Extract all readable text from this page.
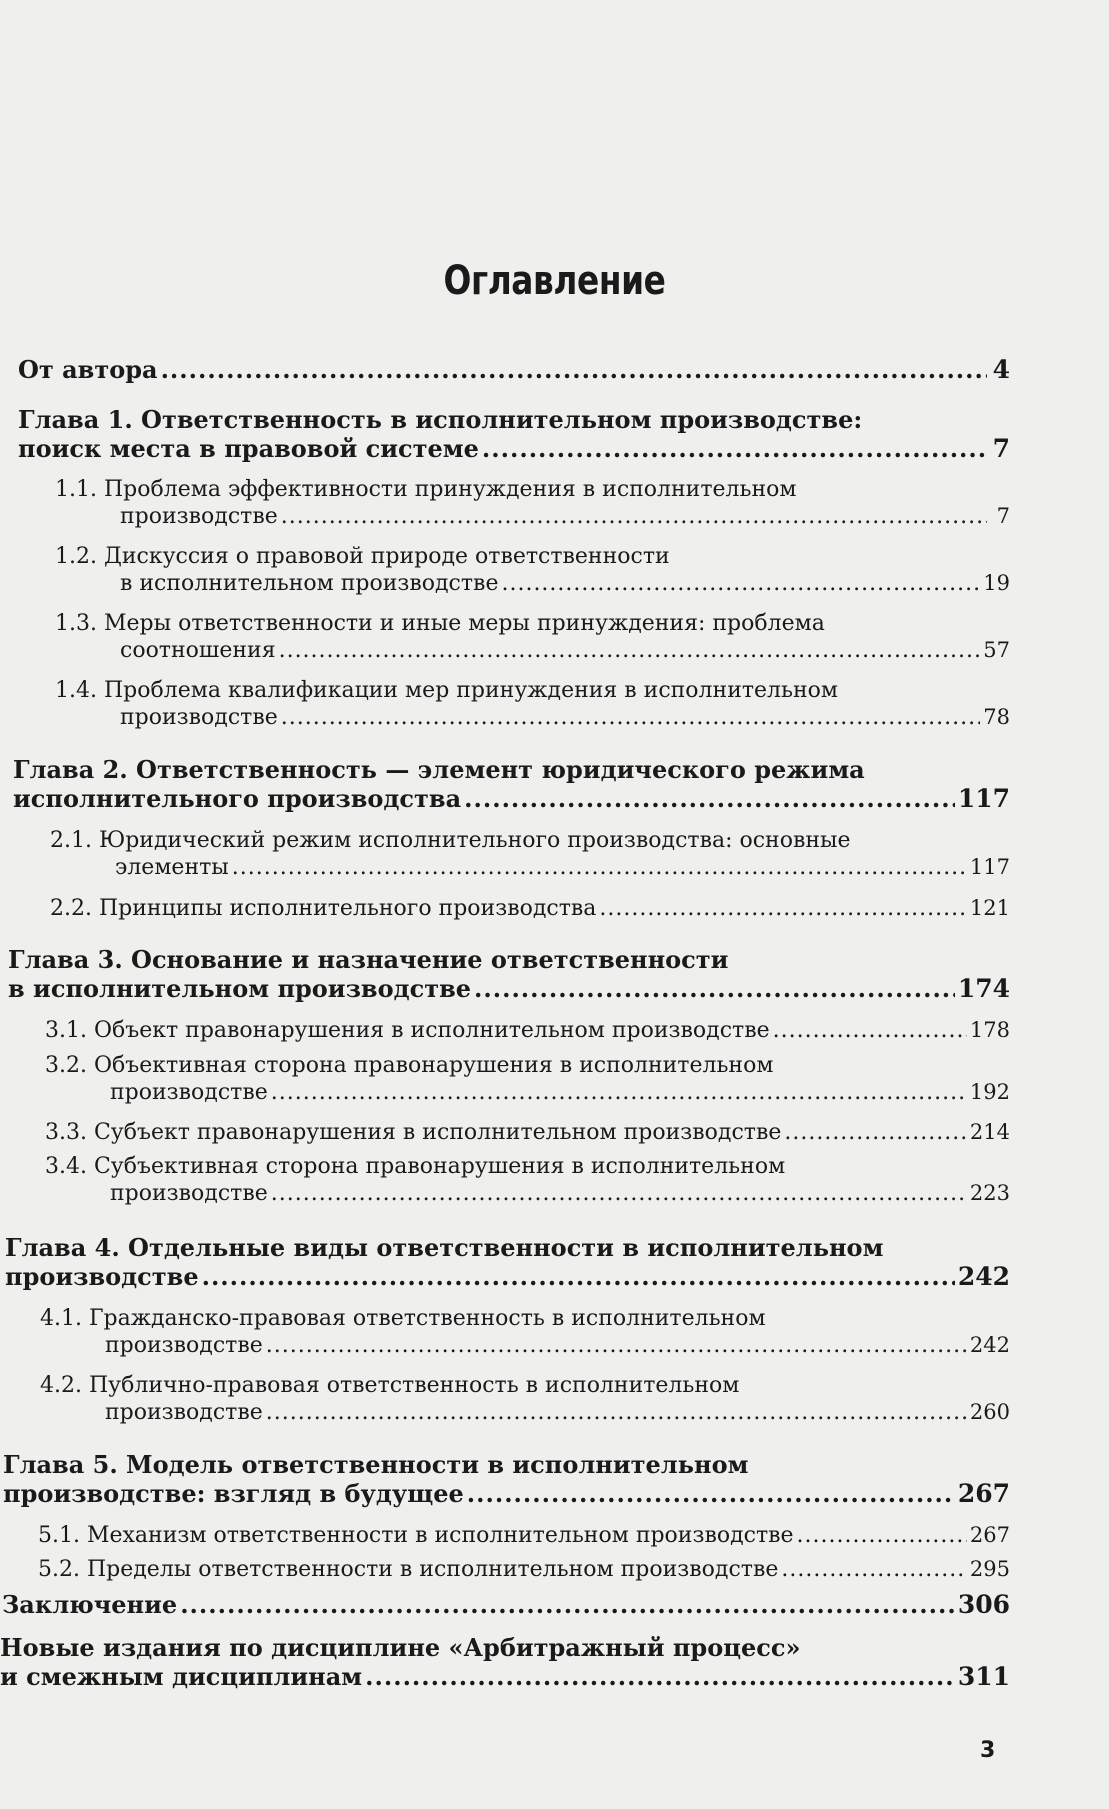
Оглавление
От автора .....	4
Глава 1. Ответственность в исполнительном производстве:
поиск места в правовой системе .....	7
1.1. Проблема эффективности принуждения в исполнительном
производстве .....	7
1.2. Дискуссия о правовой природе ответственности
в исполнительном производстве .....	19
1.3. Меры ответственности и иные меры принуждения: проблема
соотношения .....	57
1.4. Проблема квалификации мер принуждения в исполнительном
производстве .....	78
Глава 2. Ответственность — элемент юридического режима
исполнительного производства .....	117
2.1. Юридический режим исполнительного производства: основные
элементы .....	117
2.2. Принципы исполнительного производства .....	121
Глава 3. Основание и назначение ответственности
в исполнительном производстве .....	174
3.1. Объект правонарушения в исполнительном производстве .....	178
3.2. Объективная сторона правонарушения в исполнительном
производстве .....	192
3.3. Субъект правонарушения в исполнительном производстве .....	214
3.4. Субъективная сторона правонарушения в исполнительном
производстве .....	223
Глава 4. Отдельные виды ответственности в исполнительном
производстве .....	242
4.1. Гражданско-правовая ответственность в исполнительном
производстве .....	242
4.2. Публично-правовая ответственность в исполнительном
производстве .....	260
Глава 5. Модель ответственности в исполнительном
производстве: взгляд в будущее .....	267
5.1. Механизм ответственности в исполнительном производстве .....	267
5.2. Пределы ответственности в исполнительном производстве .....	295
Заключение .....	306
Новые издания по дисциплине «Арбитражный процесс»
и смежным дисциплинам .....	311
3
